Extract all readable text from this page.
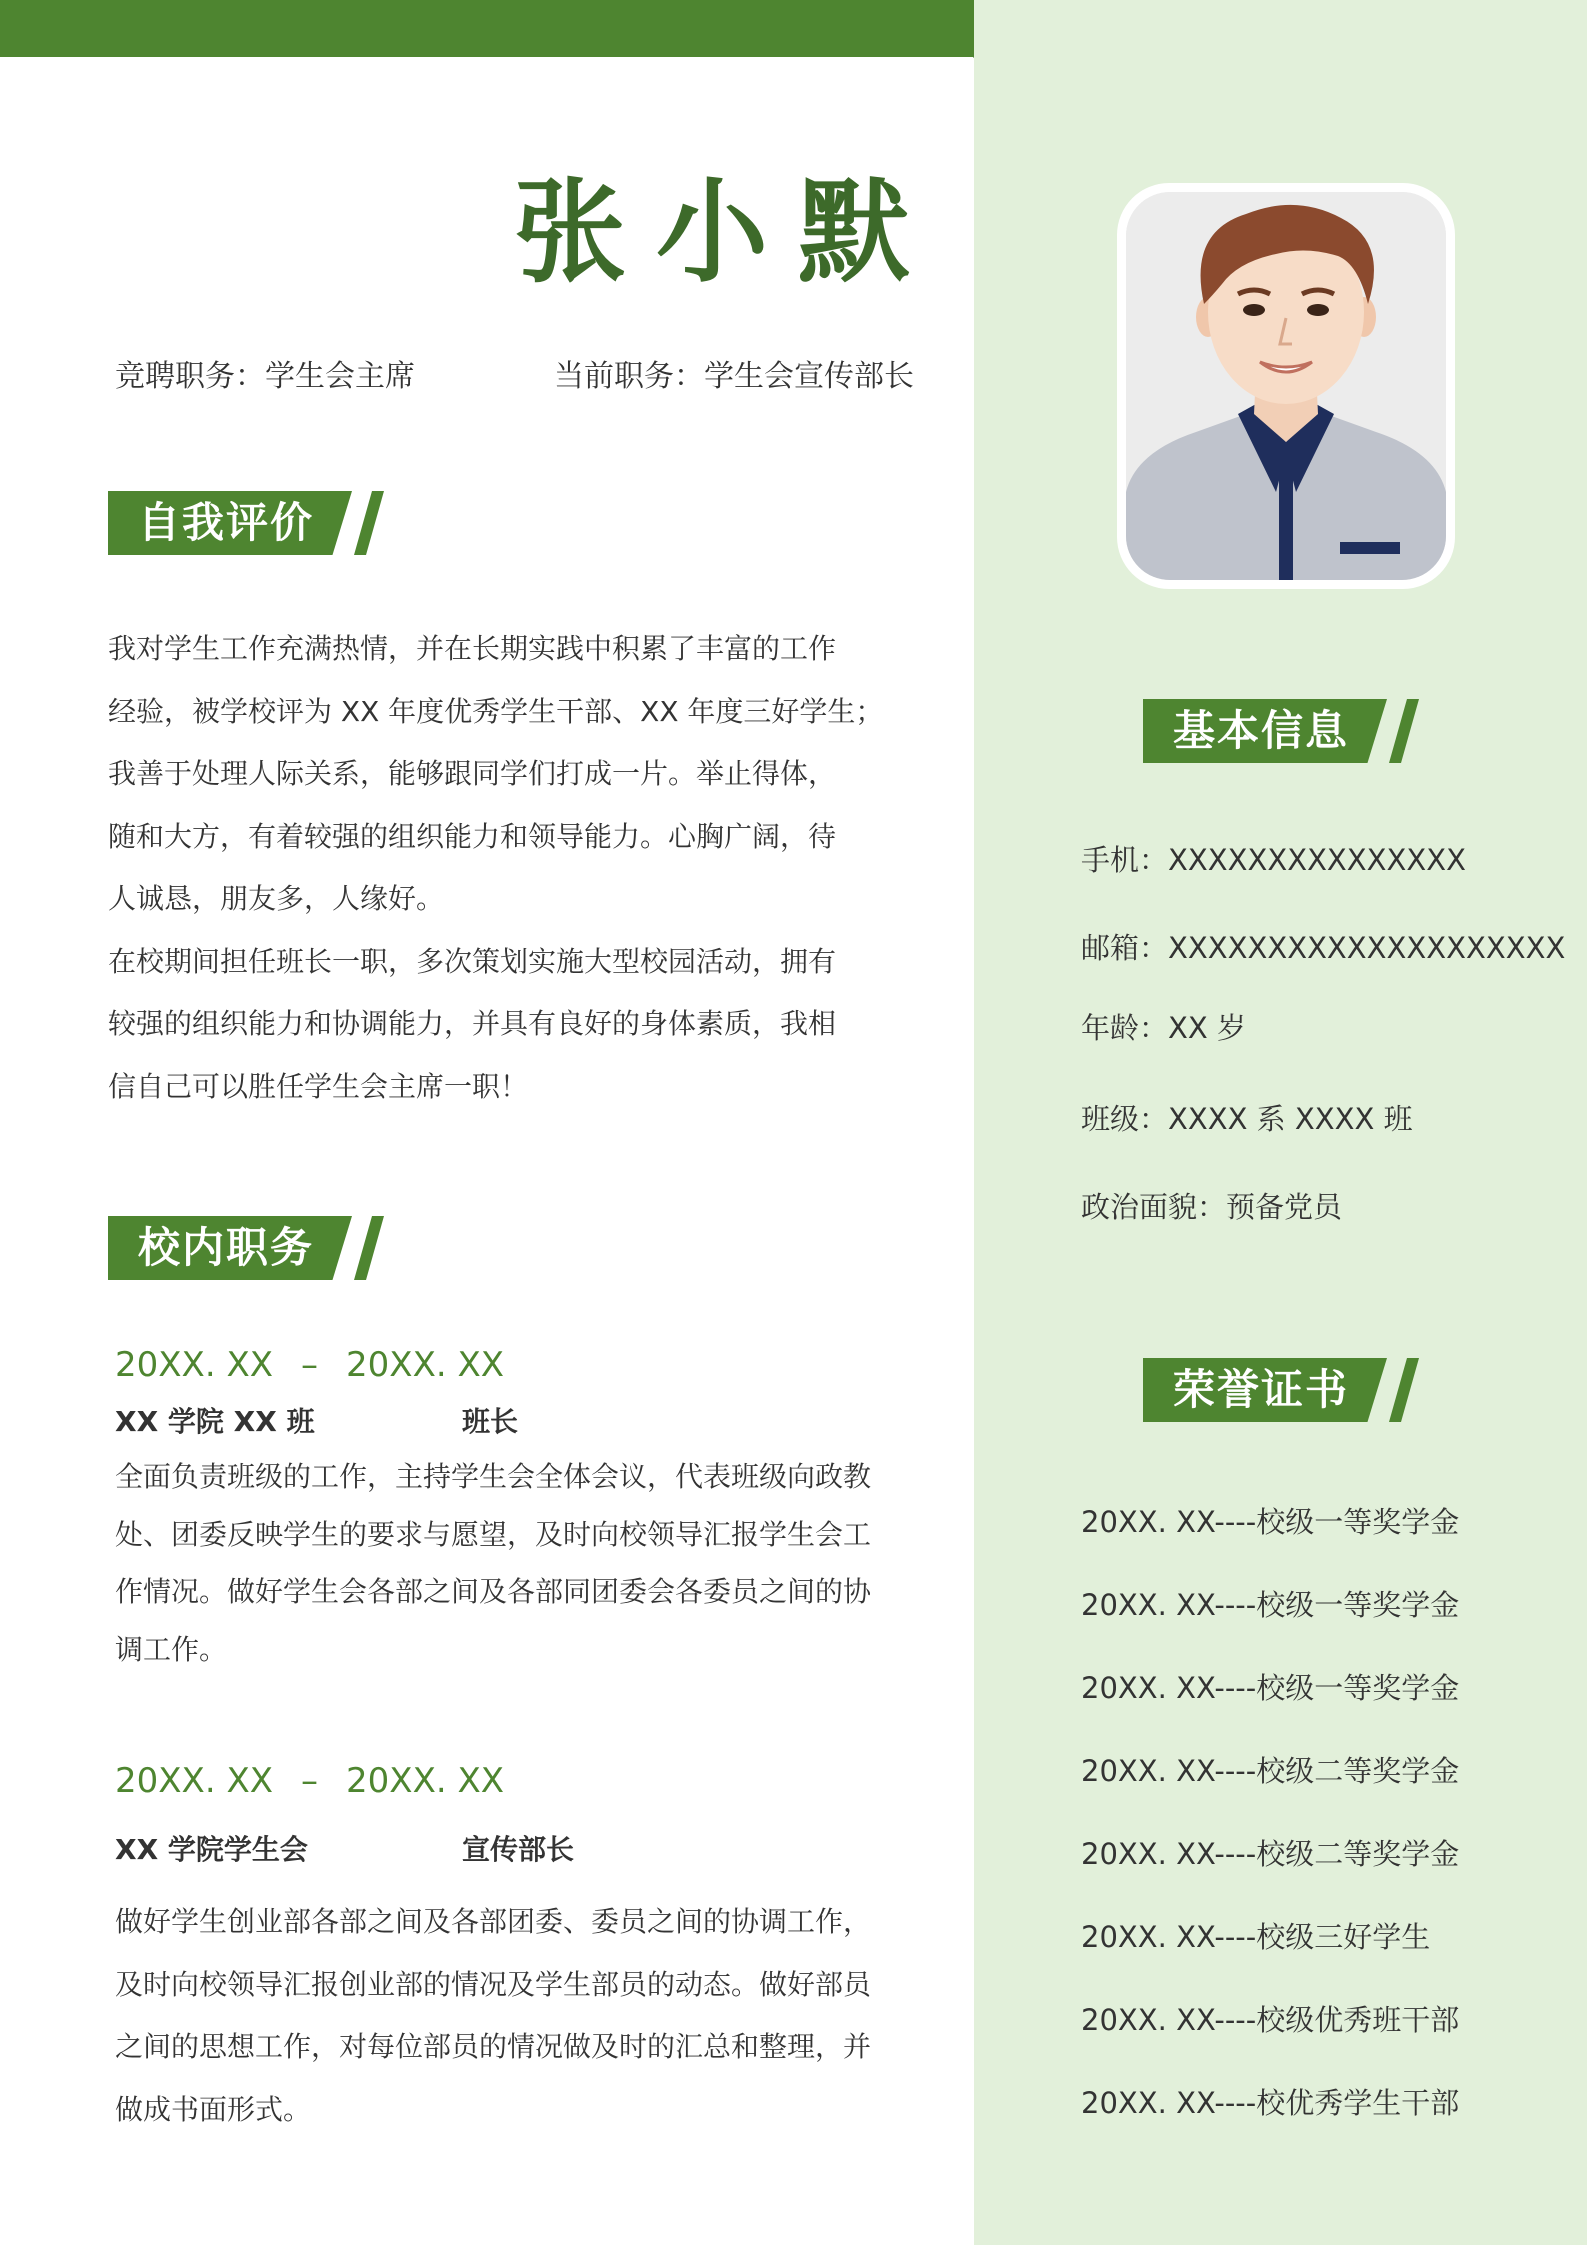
张小默
竞聘职务：学生会主席	当前职务：学生会宣传部长
自我评价

我对学生工作充满热情，并在长期实践中积累了丰富的工作

经验，被学校评为 XX 年度优秀学生干部、XX 年度三好学生；

我善于处理人际关系，能够跟同学们打成一片。举止得体，

随和大方，有着较强的组织能力和领导能力。心胸广阔，待

人诚恳，朋友多，人缘好。

在校期间担任班长一职，多次策划实施大型校园活动，拥有

较强的组织能力和协调能力，并具有良好的身体素质，我相

信自己可以胜任学生会主席一职！

校内职务
20XX. XX – 20XX. XX
XX 学院 XX 班	班长
全面负责班级的工作，主持学生会全体会议，代表班级向政教
处、团委反映学生的要求与愿望，及时向校领导汇报学生会工
作情况。做好学生会各部之间及各部同团委会各委员之间的协
调工作。
20XX. XX – 20XX. XX
XX 学院学生会	宣传部长
做好学生创业部各部之间及各部团委、委员之间的协调工作，
及时向校领导汇报创业部的情况及学生部员的动态。做好部员
之间的思想工作，对每位部员的情况做及时的汇总和整理，并
做成书面形式。
基本信息
手机：XXXXXXXXXXXXXXX
邮箱：XXXXXXXXXXXXXXXXXXXX
年龄：XX 岁
班级：XXXX 系 XXXX 班
政治面貌：预备党员
荣誉证书
20XX. XX----校级一等奖学金
20XX. XX----校级一等奖学金
20XX. XX----校级一等奖学金
20XX. XX----校级二等奖学金
20XX. XX----校级二等奖学金
20XX. XX----校级三好学生
20XX. XX----校级优秀班干部
20XX. XX----校优秀学生干部
